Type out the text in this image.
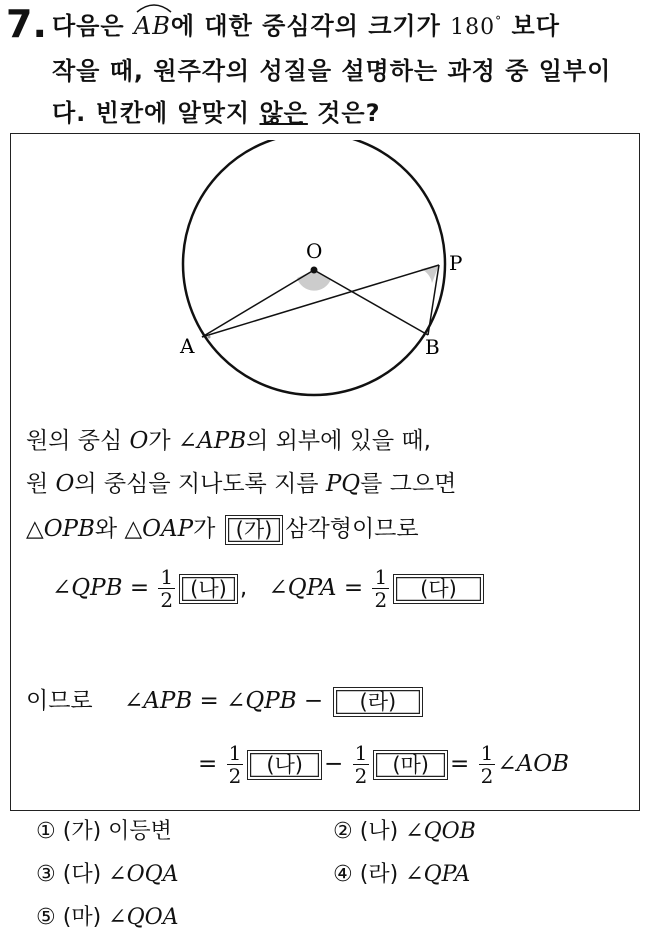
7. 다음은 AB에 대한 중심각의 크기가 180° 보다
작을 때, 원주각의 성질을 설명하는 과정 중 일부이
다. 빈칸에 알맞지 않은 것은?
O	P
A	B
원의 중심 O가 ∠APB의 외부에 있을 때,
원 O의 중심을 지나도록 지름 PQ를 그으면
△OPB와 △OAP가 (가) 삼각형이므로
∠QPB = $\frac{1}{2}$ (나) , ∠QPA = $\frac{1}{2}$ (다)
이므로 ∠APB = ∠QPB − (라)
= $\frac{1}{2}$ (나) − $\frac{1}{2}$ (마) = $\frac{1}{2}$ ∠AOB
① (가) 이등변	② (나) ∠QOB
③ (다) ∠OQA	④ (라) ∠QPA
⑤ (마) ∠QOA
